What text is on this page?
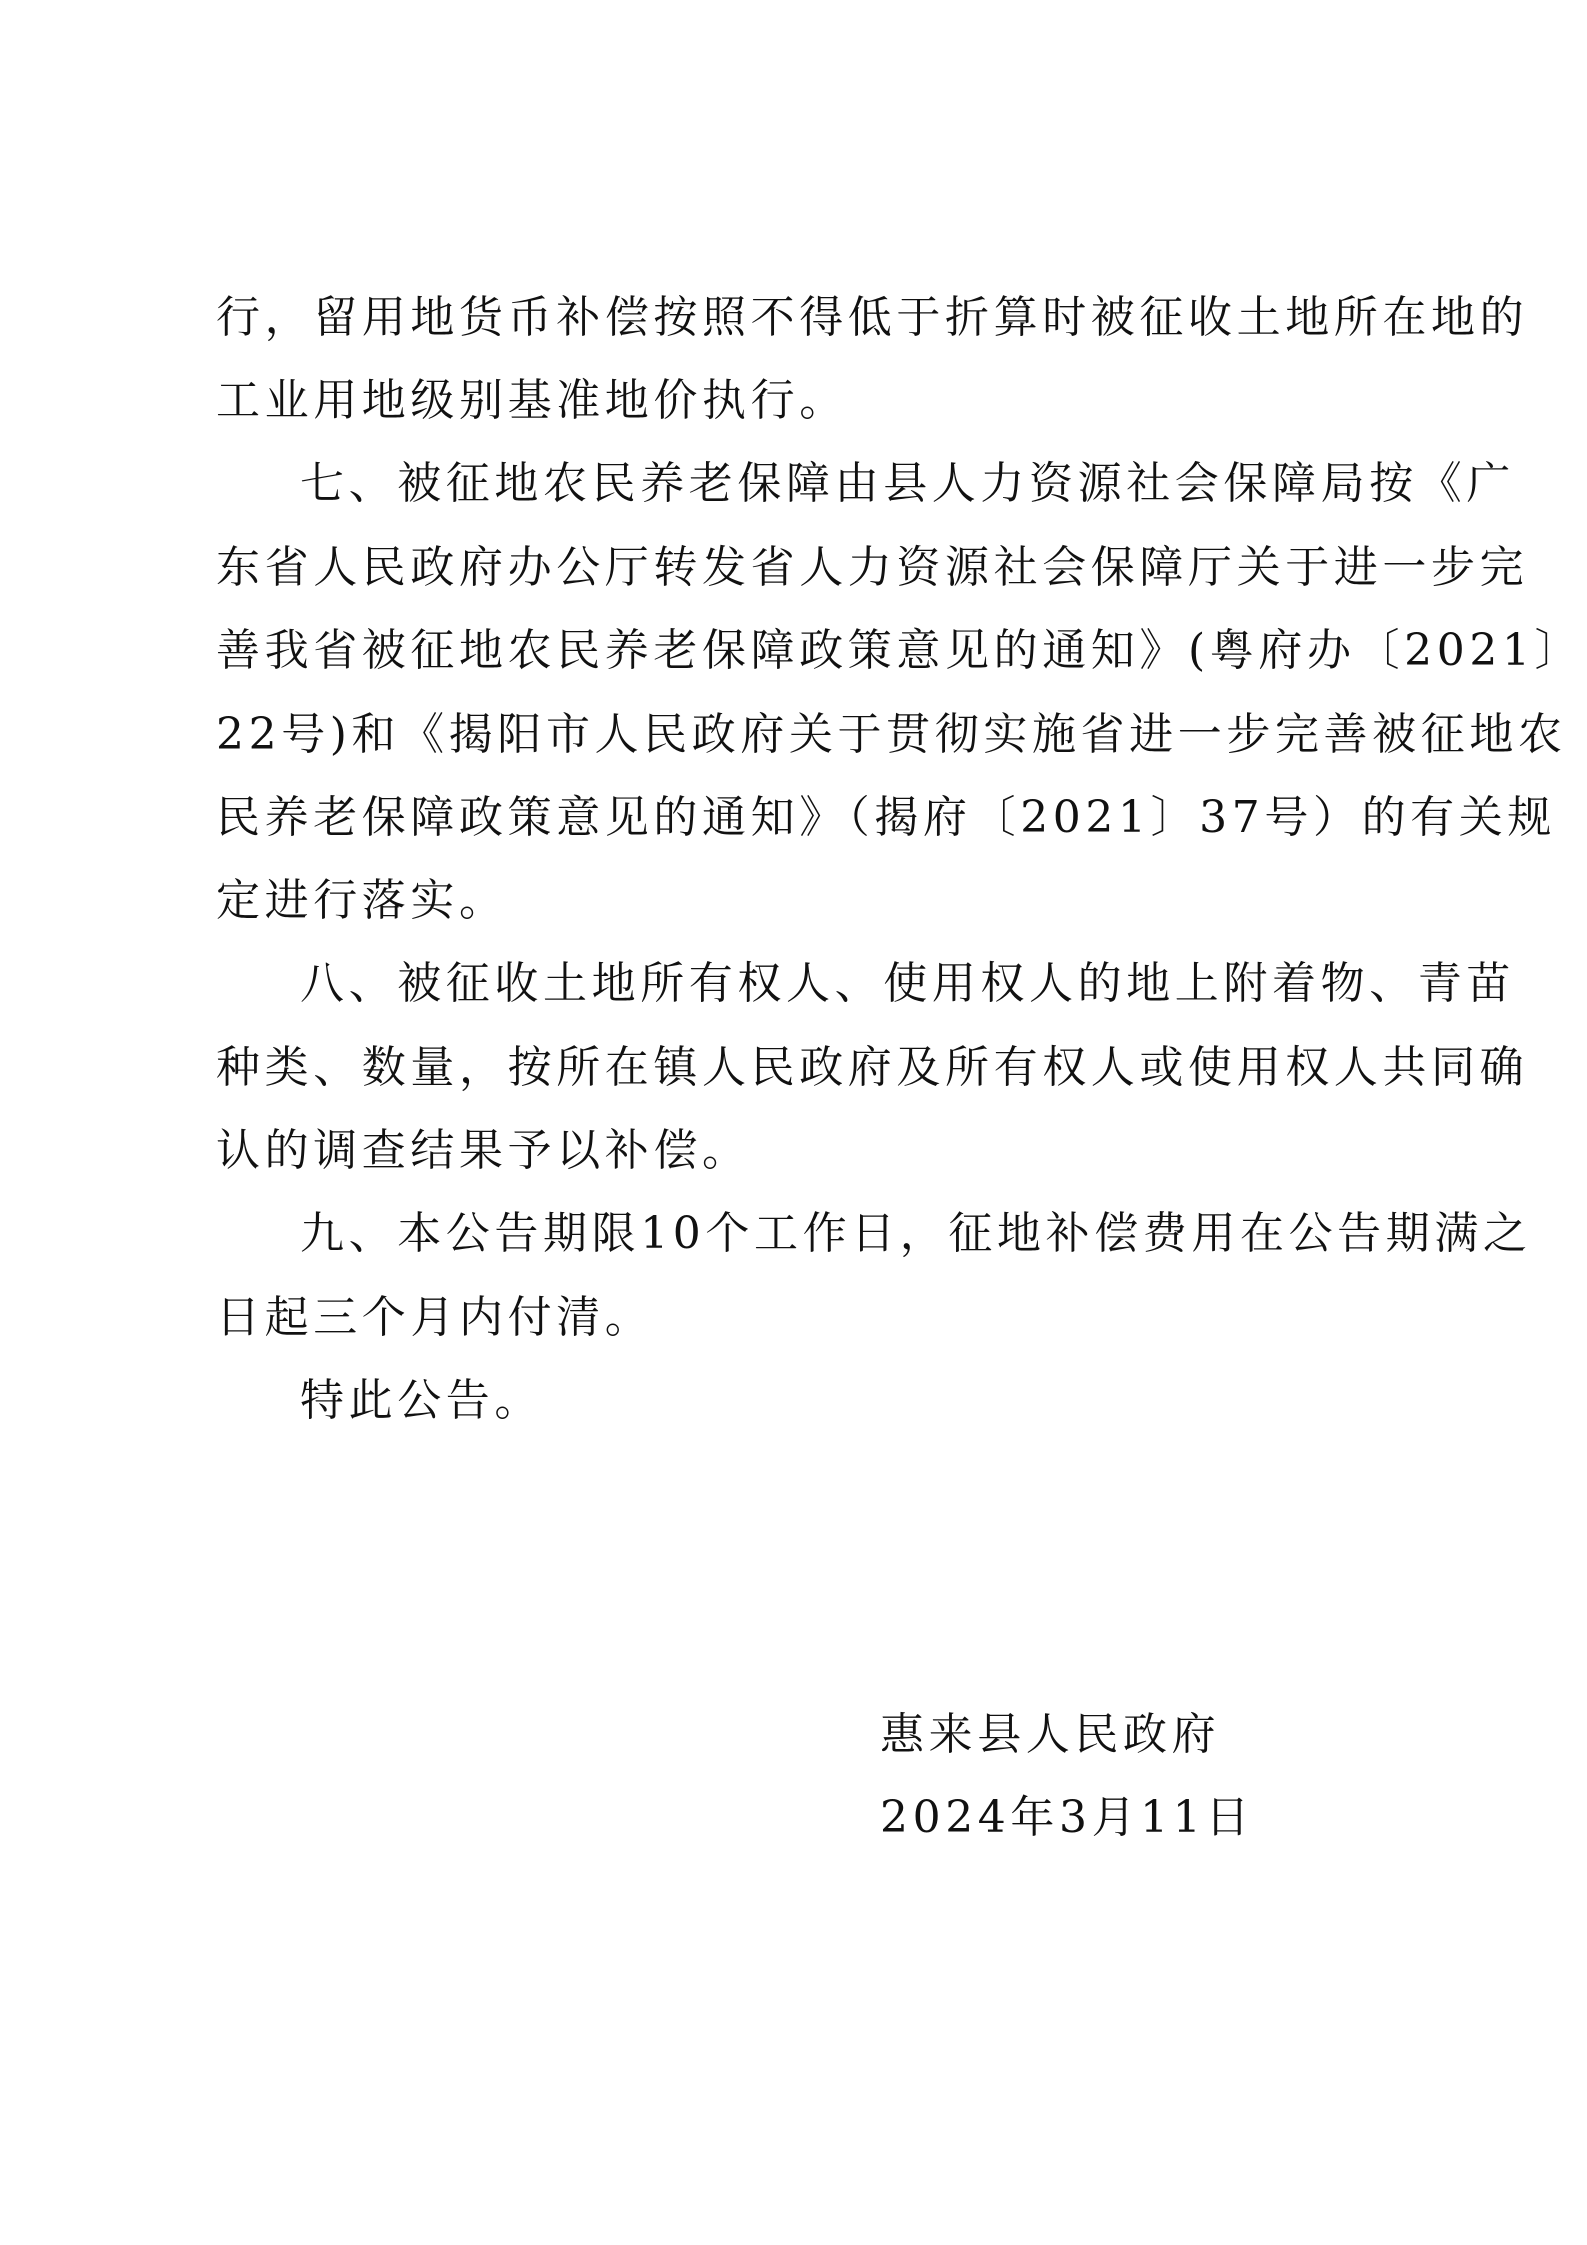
行，留用地货币补偿按照不得低于折算时被征收土地所在地的
工业用地级别基准地价执行。
七、被征地农民养老保障由县人力资源社会保障局按《广
东省人民政府办公厅转发省人力资源社会保障厅关于进一步完
善我省被征地农民养老保障政策意见的通知》(粤府办〔2021〕
22号)和《揭阳市人民政府关于贯彻实施省进一步完善被征地农
民养老保障政策意见的通知》（揭府〔2021〕37号）的有关规
定进行落实。
八、被征收土地所有权人、使用权人的地上附着物、青苗
种类、数量，按所在镇人民政府及所有权人或使用权人共同确
认的调查结果予以补偿。
九、本公告期限10个工作日，征地补偿费用在公告期满之
日起三个月内付清。
特此公告。
惠来县人民政府
2024年3月11日
